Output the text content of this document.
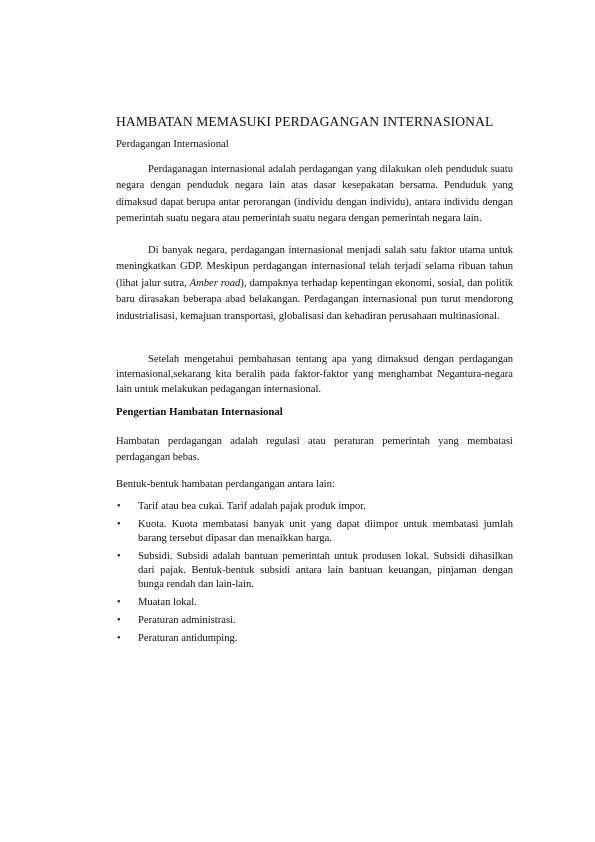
HAMBATAN MEMASUKI PERDAGANGAN INTERNASIONAL
Perdagangan Internasional

Perdaganagan internasional adalah perdagangan yang dilakukan oleh penduduk suatu negara dengan penduduk negara lain atas dasar kesepakatan bersama. Penduduk yang dimaksud dapat berupa antar perorangan (individu dengan individu), antara individu dengan pemerintah suatu negara atau pemerintah suatu negara dengan pemerintah negara lain.

Di banyak negara, perdagangan internasional menjadi salah satu faktor utama untuk meningkatkan GDP. Meskipun perdagangan internasional telah terjadi selama ribuan tahun (lihat jalur sutra, Amber road), dampaknya terhadap kepentingan ekonomi, sosial, dan politik baru dirasakan beberapa abad belakangan. Perdagangan internasional pun turut mendorong industrialisasi, kemajuan transportasi, globalisasi dan kehadiran perusahaan multinasional.

Setelah mengetahui pembahasan tentang apa yang dimaksud dengan perdagangan internasional,sekarang kita beralih pada faktor-faktor yang menghambat Negantura-negara lain untuk melakukan pedagangan internasional.

Pengertian Hambatan Internasional

Hambatan perdagangan adalah regulasi atau peraturan pemerintah yang membatasi perdagangan bebas.

Bentuk-bentuk hambatan perdangangan antara lain:

• Tarif atau bea cukai. Tarif adalah pajak produk impor.
• Kuota. Kuota membatasi banyak unit yang dapat diimpor untuk membatasi jumlah barang tersebut dipasar dan menaikkan harga.
• Subsidi. Subsidi adalah bantuan pemerintah untuk produsen lokal. Subsidi dihasilkan dari pajak. Bentuk-bentuk subsidi antara lain bantuan keuangan, pinjaman dengan bunga rendah dan lain-lain.
• Muatan lokal.
• Peraturan administrasi.
• Peraturan antidumping.
